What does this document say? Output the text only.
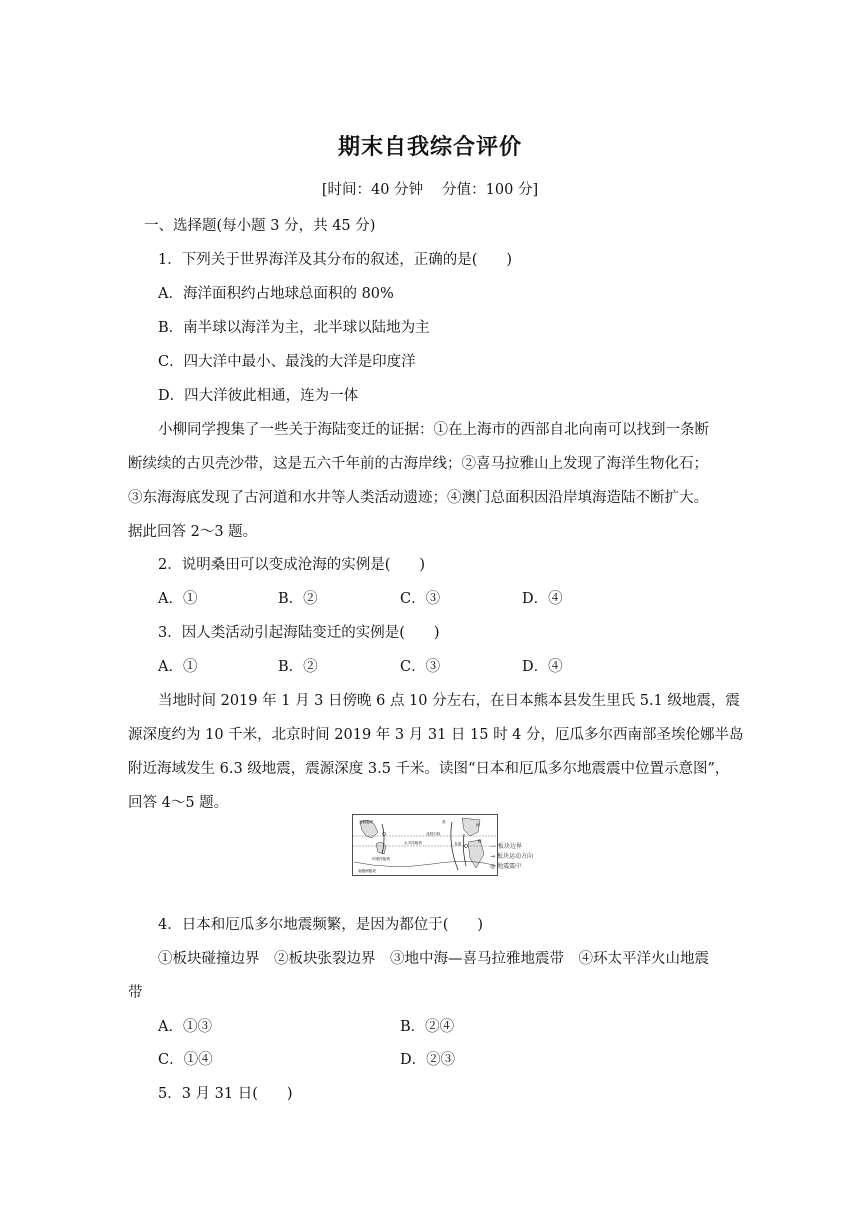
期末自我综合评价
[时间：40 分钟　 分值：100 分]
一、选择题(每小题 3 分，共 45 分)
1．下列关于世界海洋及其分布的叙述，正确的是(　　)
A．海洋面积约占地球总面积的 80%
B．南半球以海洋为主，北半球以陆地为主
C．四大洋中最小、最浅的大洋是印度洋
D．四大洋彼此相通，连为一体
小柳同学搜集了一些关于海陆变迁的证据：①在上海市的西部自北向南可以找到一条断
断续续的古贝壳沙带，这是五六千年前的古海岸线；②喜马拉雅山上发现了海洋生物化石；
③东海海底发现了古河道和水井等人类活动遗迹；④澳门总面积因沿岸填海造陆不断扩大。
据此回答 2～3 题。
2．说明桑田可以变成沧海的实例是(　　)
A．①	B．②	C．③	D．④
3．因人类活动引起海陆变迁的实例是(　　)
A．①	B．②	C．③	D．④
当地时间 2019 年 1 月 3 日傍晚 6 点 10 分左右，在日本熊本县发生里氏 5.1 级地震，震
源深度约为 10 千米，北京时间 2019 年 3 月 31 日 15 时 4 分，厄瓜多尔西南部圣埃伦娜半岛
附近海域发生 6.3 级地震，震源深度 3.5 千米。读图“日本和厄瓜多尔地震震中位置示意图”，
回答 4～5 题。
亚欧板块	美
北回归线
太平洋板块	赤道
印度洋板块
南极洲板块
洲
板
— 板块边界
→ 板块运动方向
◎ 地震震中
4．日本和厄瓜多尔地震频繁，是因为都位于(　　)
①板块碰撞边界　②板块张裂边界　③地中海—喜马拉雅地震带　④环太平洋火山地震
带
A．①③	B．②④
C．①④	D．②③
5．3 月 31 日(　　)
